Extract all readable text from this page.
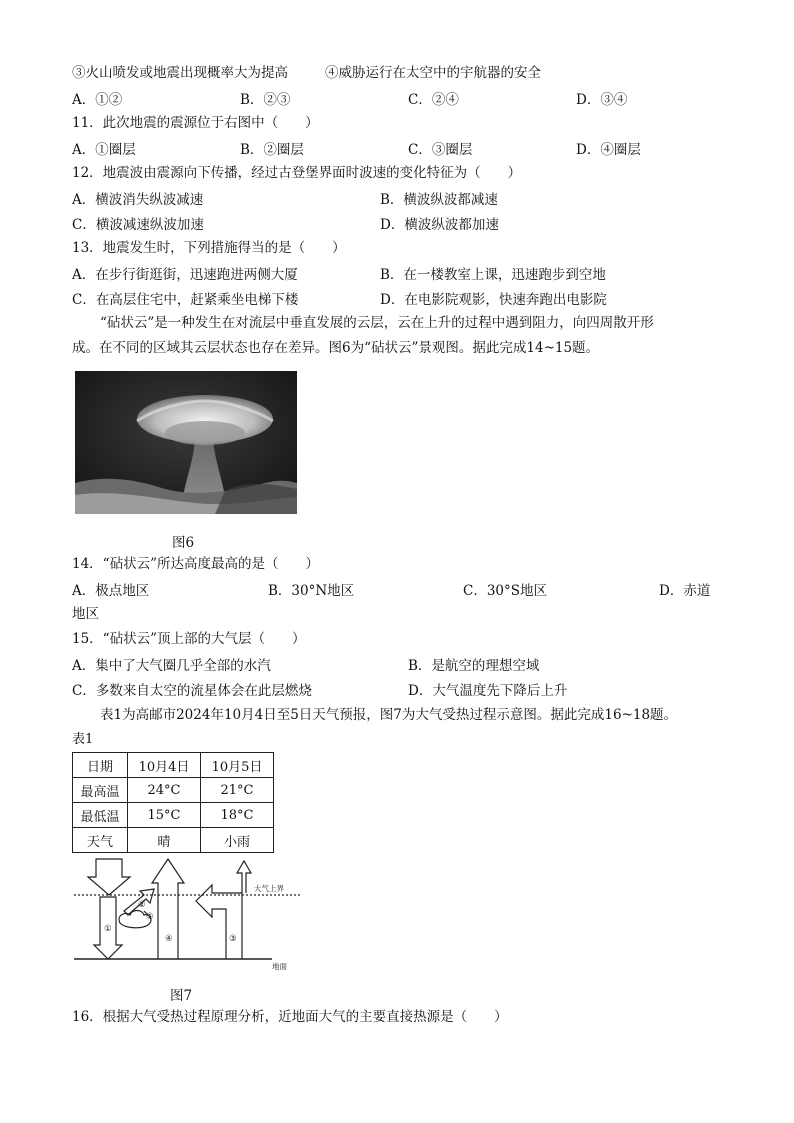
③火山喷发或地震出现概率大为提高	④威胁运行在太空中的宇航器的安全
A．①②	B．②③	C．②④	D．③④
11．此次地震的震源位于右图中（　　）
A．①圈层	B．②圈层	C．③圈层	D．④圈层
12．地震波由震源向下传播，经过古登堡界面时波速的变化特征为（　　）
A．横波消失纵波减速	B．横波纵波都减速
C．横波减速纵波加速	D．横波纵波都加速
13．地震发生时，下列措施得当的是（　　）
A．在步行街逛街，迅速跑进两侧大厦	B．在一楼教室上课，迅速跑步到空地
C．在高层住宅中，赶紧乘坐电梯下楼	D．在电影院观影，快速奔跑出电影院
“砧状云”是一种发生在对流层中垂直发展的云层，云在上升的过程中遇到阻力，向四周散开形
成。在不同的区域其云层状态也存在差异。图6为“砧状云”景观图。据此完成14~15题。
图6
14．“砧状云”所达高度最高的是（　　）
A．极点地区	B．30°N地区	C．30°S地区	D．赤道
地区
15．“砧状云”顶上部的大气层（　　）
A．集中了大气圈几乎全部的水汽	B．是航空的理想空域
C．多数来自太空的流星体会在此层燃烧	D．大气温度先下降后上升
表1为高邮市2024年10月4日至5日天气预报，图7为大气受热过程示意图。据此完成16~18题。
表1
日期	10月4日	10月5日
最高温	24°C	21°C
最低温	15°C	18°C
天气	晴	小雨
①
②
⑤
④	③
大气上界
地面
图7
16．根据大气受热过程原理分析，近地面大气的主要直接热源是（　　）
